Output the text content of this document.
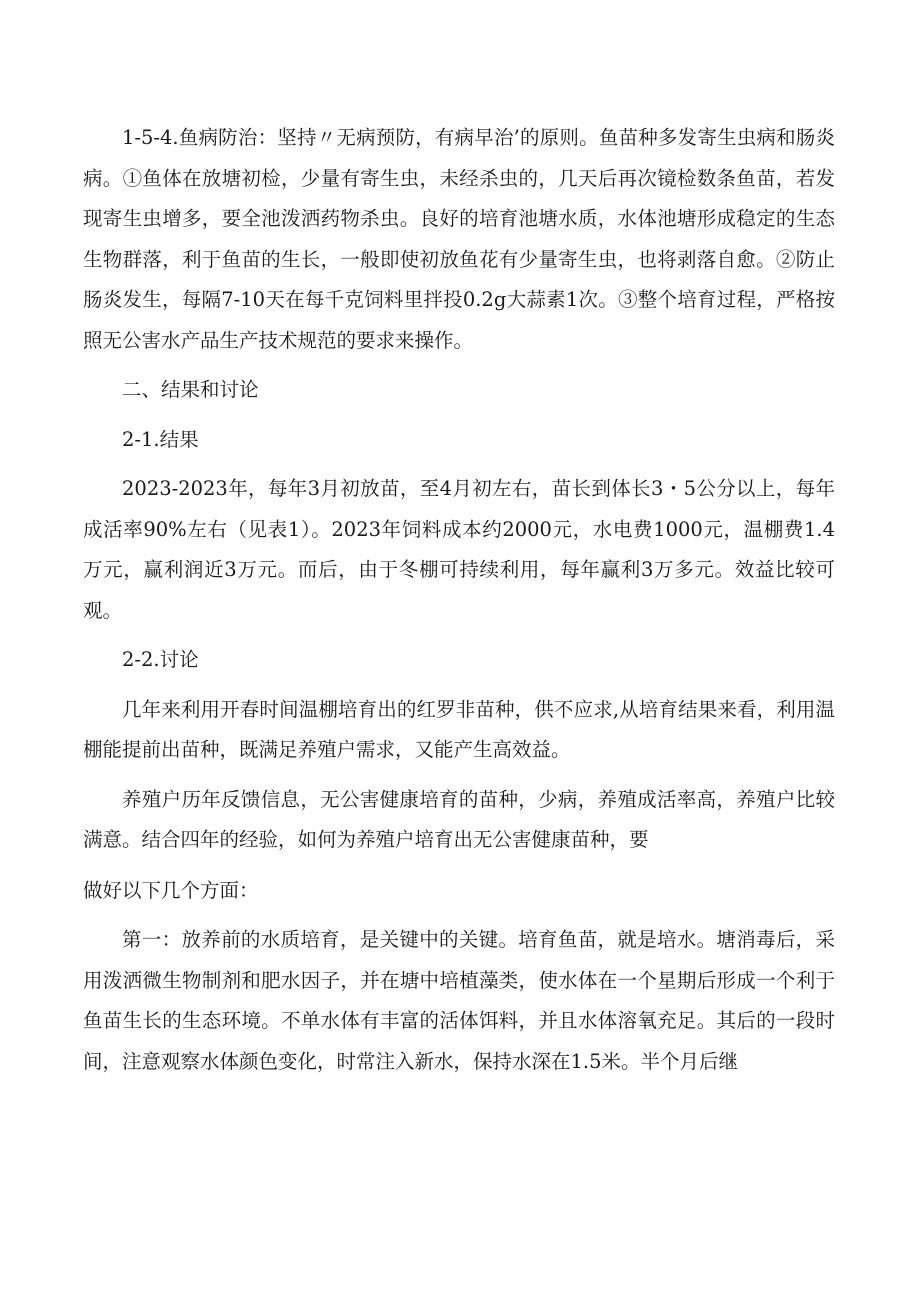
1-5-4.鱼病防治：坚持〃无病预防，有病早治’的原则。鱼苗种多发寄生虫病和肠炎病。①鱼体在放塘初检，少量有寄生虫，未经杀虫的，几天后再次镜检数条鱼苗，若发现寄生虫增多，要全池泼洒药物杀虫。良好的培育池塘水质，水体池塘形成稳定的生态生物群落，利于鱼苗的生长，一般即使初放鱼花有少量寄生虫，也将剥落自愈。②防止肠炎发生，每隔7-10天在每千克饲料里拌投0.2g大蒜素1次。③整个培育过程，严格按照无公害水产品生产技术规范的要求来操作。

二、结果和讨论

2-1.结果

2023-2023年，每年3月初放苗，至4月初左右，苗长到体长3・5公分以上，每年成活率90%左右（见表1）。2023年饲料成本约2000元，水电费1000元，温棚费1.4万元，赢利润近3万元。而后，由于冬棚可持续利用，每年赢利3万多元。效益比较可观。

2-2.讨论

几年来利用开春时间温棚培育出的红罗非苗种，供不应求,从培育结果来看，利用温棚能提前出苗种，既满足养殖户需求，又能产生高效益。

养殖户历年反馈信息，无公害健康培育的苗种，少病，养殖成活率高，养殖户比较满意。结合四年的经验，如何为养殖户培育出无公害健康苗种，要

做好以下几个方面：

第一：放养前的水质培育，是关键中的关键。培育鱼苗，就是培水。塘消毒后，采用泼洒微生物制剂和肥水因子，并在塘中培植藻类，使水体在一个星期后形成一个利于鱼苗生长的生态环境。不单水体有丰富的活体饵料，并且水体溶氧充足。其后的一段时间，注意观察水体颜色变化，时常注入新水，保持水深在1.5米。半个月后继
